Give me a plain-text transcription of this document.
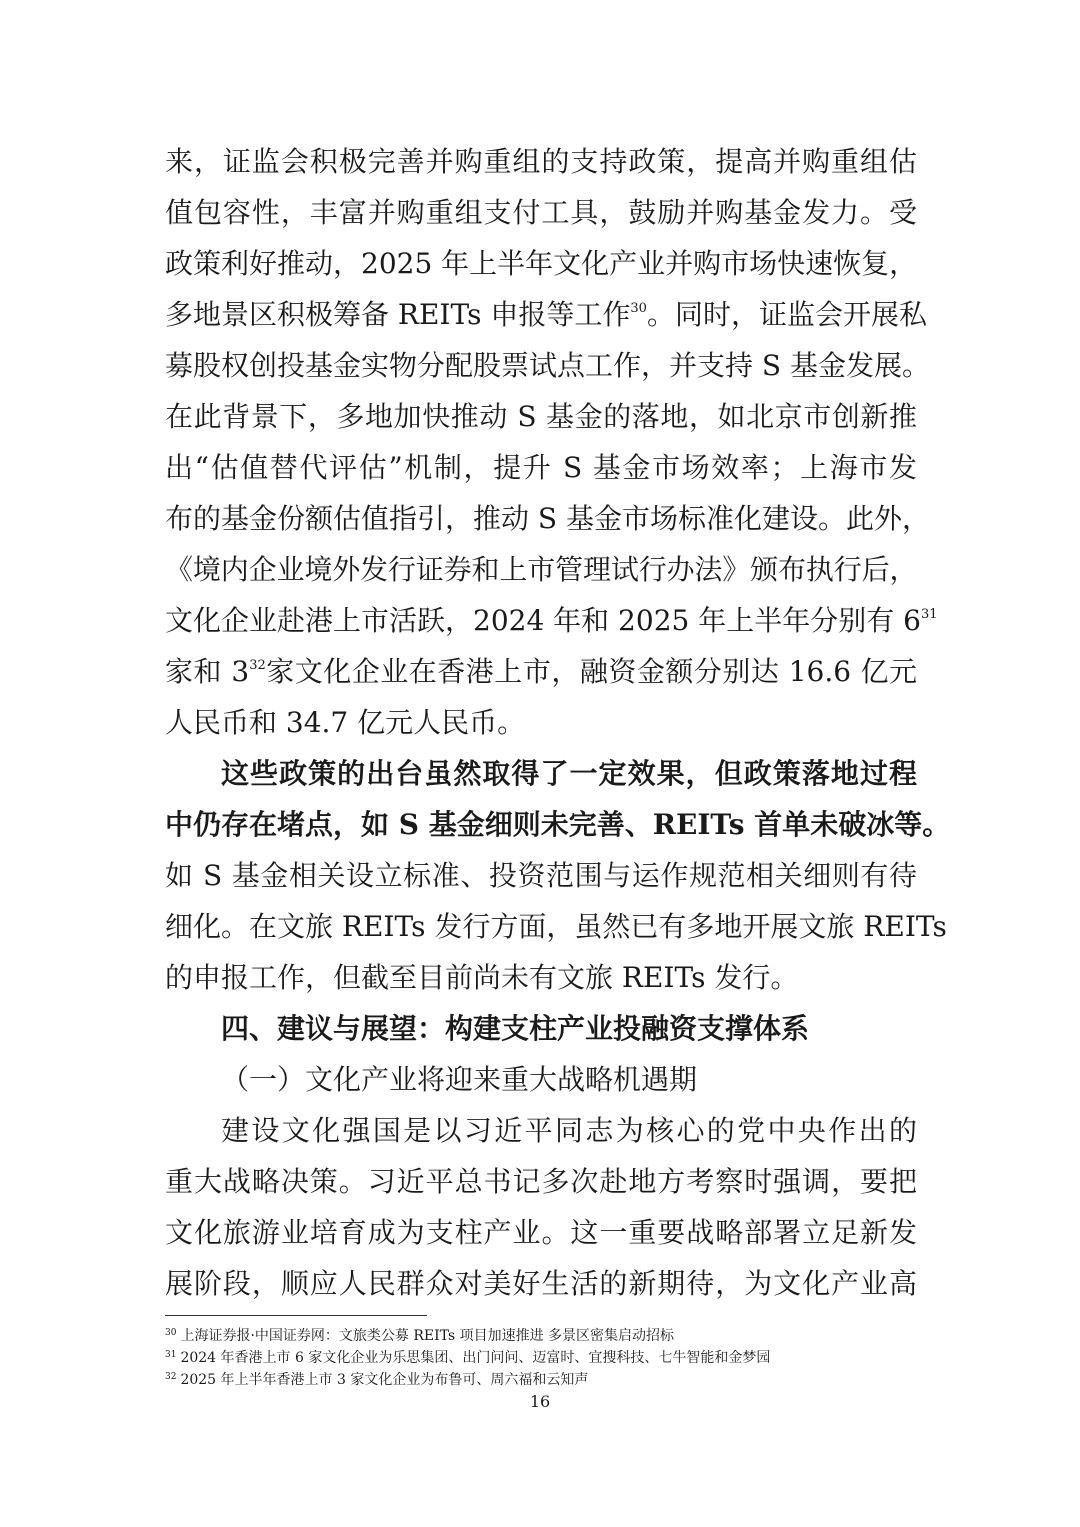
来，证监会积极完善并购重组的支持政策，提高并购重组估
值包容性，丰富并购重组支付工具，鼓励并购基金发力。受
政策利好推动，2025 年上半年文化产业并购市场快速恢复，
多地景区积极筹备 REITs 申报等工作$^{30}$。同时，证监会开展私
募股权创投基金实物分配股票试点工作，并支持 S 基金发展。
在此背景下，多地加快推动 S 基金的落地，如北京市创新推
出“估值替代评估”机制，提升 S 基金市场效率；上海市发
布的基金份额估值指引，推动 S 基金市场标准化建设。此外，
《境内企业境外发行证券和上市管理试行办法》颁布执行后，
文化企业赴港上市活跃，2024 年和 2025 年上半年分别有 $6^{31}$
家和 $3^{32}$家文化企业在香港上市，融资金额分别达 16.6 亿元
人民币和 34.7 亿元人民币。
这些政策的出台虽然取得了一定效果，但政策落地过程
中仍存在堵点，如 S 基金细则未完善、REITs 首单未破冰等。
如 S 基金相关设立标准、投资范围与运作规范相关细则有待
细化。在文旅 REITs 发行方面，虽然已有多地开展文旅 REITs
的申报工作，但截至目前尚未有文旅 REITs 发行。
四、建议与展望：构建支柱产业投融资支撑体系
（一）文化产业将迎来重大战略机遇期
建设文化强国是以习近平同志为核心的党中央作出的
重大战略决策。习近平总书记多次赴地方考察时强调，要把
文化旅游业培育成为支柱产业。这一重要战略部署立足新发
展阶段，顺应人民群众对美好生活的新期待，为文化产业高
$^{30}$ 上海证券报·中国证券网：文旅类公募 REITs 项目加速推进 多景区密集启动招标
$^{31}$ 2024 年香港上市 6 家文化企业为乐思集团、出门问问、迈富时、宜搜科技、七牛智能和金梦园
$^{32}$ 2025 年上半年香港上市 3 家文化企业为布鲁可、周六福和云知声
16
